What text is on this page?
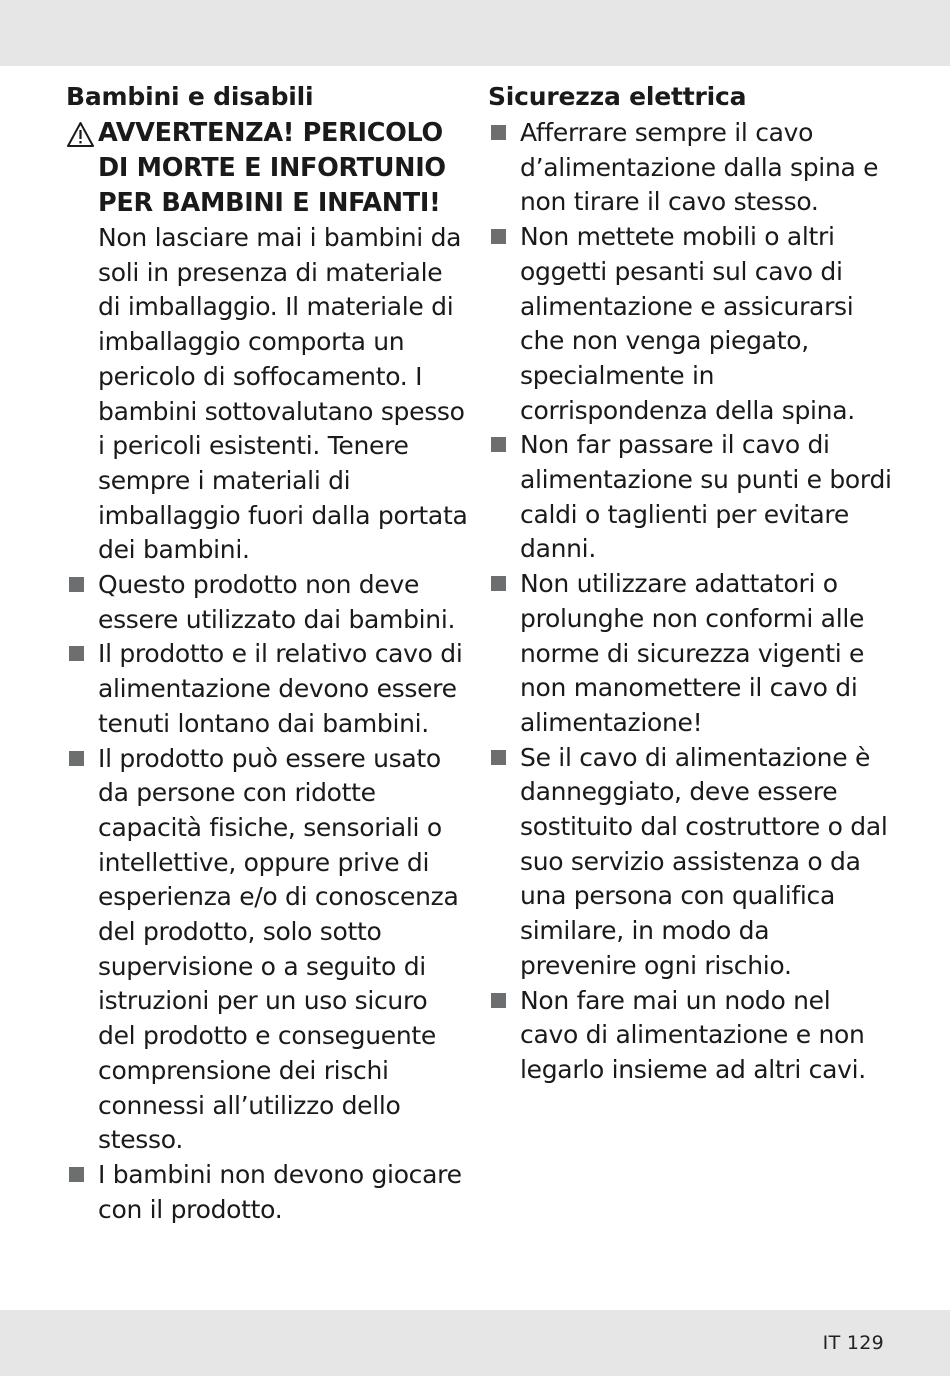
Bambini e disabili
AVVERTENZA! PERICOLO DI MORTE E INFORTUNIO PER BAMBINI E INFANTI!
Non lasciare mai i bambini da soli in presenza di materiale di imballaggio. Il materiale di imballaggio comporta un pericolo di soffocamento. I bambini sottovalutano spesso i pericoli esistenti. Tenere sempre i materiali di imballaggio fuori dalla portata dei bambini.
Questo prodotto non deve essere utilizzato dai bambini.
Il prodotto e il relativo cavo di alimentazione devono essere tenuti lontano dai bambini.
Il prodotto può essere usato da persone con ridotte capacità fisiche, sensoriali o intellettive, oppure prive di esperienza e/o di conoscenza del prodotto, solo sotto supervisione o a seguito di istruzioni per un uso sicuro del prodotto e conseguente comprensione dei rischi connessi all’utilizzo dello stesso.
I bambini non devono giocare con il prodotto.
Sicurezza elettrica
Afferrare sempre il cavo d’alimentazione dalla spina e non tirare il cavo stesso.
Non mettete mobili o altri oggetti pesanti sul cavo di alimentazione e assicurarsi che non venga piegato, specialmente in corrispondenza della spina.
Non far passare il cavo di alimentazione su punti e bordi caldi o taglienti per evitare danni.
Non utilizzare adattatori o prolunghe non conformi alle norme di sicurezza vigenti e non manomettere il cavo di alimentazione!
Se il cavo di alimentazione è danneggiato, deve essere sostituito dal costruttore o dal suo servizio assistenza o da una persona con qualifica similare, in modo da prevenire ogni rischio.
Non fare mai un nodo nel cavo di alimentazione e non legarlo insieme ad altri cavi.
IT 129
